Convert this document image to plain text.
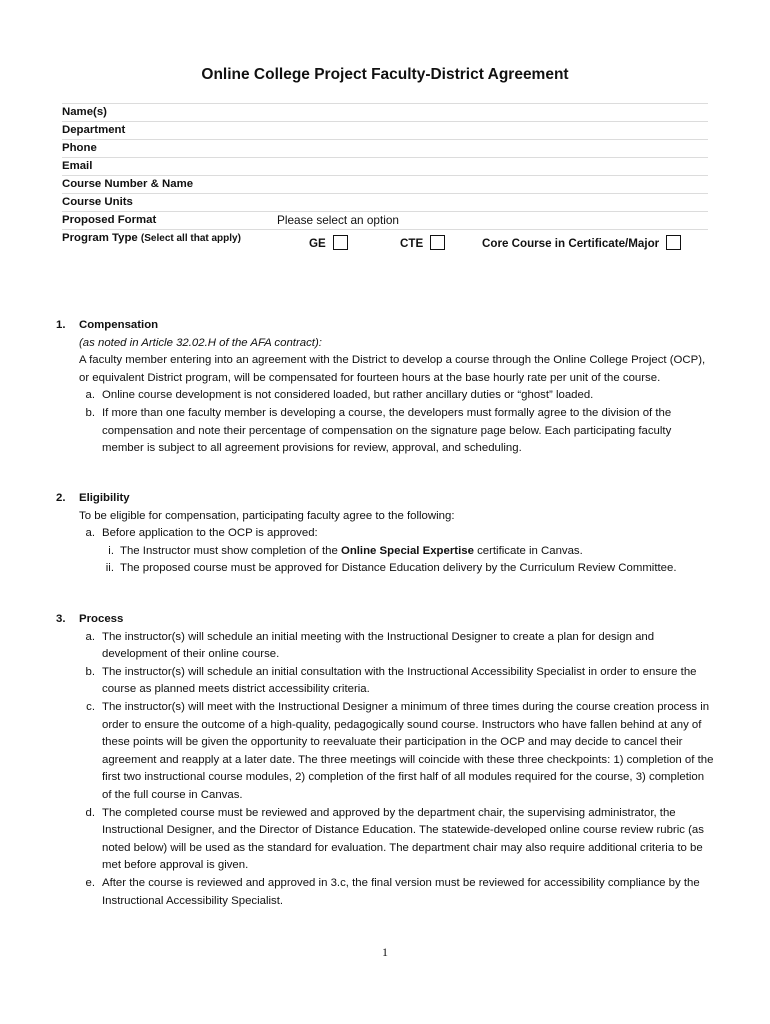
Online College Project Faculty-District Agreement
Name(s)
Department
Phone
Email
Course Number & Name
Course Units
Proposed Format	Please select an option
Program Type (Select all that apply)	GE	CTE	Core Course in Certificate/Major
1. Compensation
(as noted in Article 32.02.H of the AFA contract):
A faculty member entering into an agreement with the District to develop a course through the Online College Project (OCP), or equivalent District program, will be compensated for fourteen hours at the base hourly rate per unit of the course.
a. Online course development is not considered loaded, but rather ancillary duties or “ghost” loaded.
b. If more than one faculty member is developing a course, the developers must formally agree to the division of the compensation and note their percentage of compensation on the signature page below. Each participating faculty member is subject to all agreement provisions for review, approval, and scheduling.
2. Eligibility
To be eligible for compensation, participating faculty agree to the following:
a. Before application to the OCP is approved:
i. The Instructor must show completion of the Online Special Expertise certificate in Canvas.
ii. The proposed course must be approved for Distance Education delivery by the Curriculum Review Committee.
3. Process
a. The instructor(s) will schedule an initial meeting with the Instructional Designer to create a plan for design and development of their online course.
b. The instructor(s) will schedule an initial consultation with the Instructional Accessibility Specialist in order to ensure the course as planned meets district accessibility criteria.
c. The instructor(s) will meet with the Instructional Designer a minimum of three times during the course creation process in order to ensure the outcome of a high-quality, pedagogically sound course. Instructors who have fallen behind at any of these points will be given the opportunity to reevaluate their participation in the OCP and may decide to cancel their agreement and reapply at a later date. The three meetings will coincide with these three checkpoints: 1) completion of the first two instructional course modules, 2) completion of the first half of all modules required for the course, 3) completion of the full course in Canvas.
d. The completed course must be reviewed and approved by the department chair, the supervising administrator, the Instructional Designer, and the Director of Distance Education. The statewide-developed online course review rubric (as noted below) will be used as the standard for evaluation. The department chair may also require additional criteria to be met before approval is given.
e. After the course is reviewed and approved in 3.c, the final version must be reviewed for accessibility compliance by the Instructional Accessibility Specialist.
1
